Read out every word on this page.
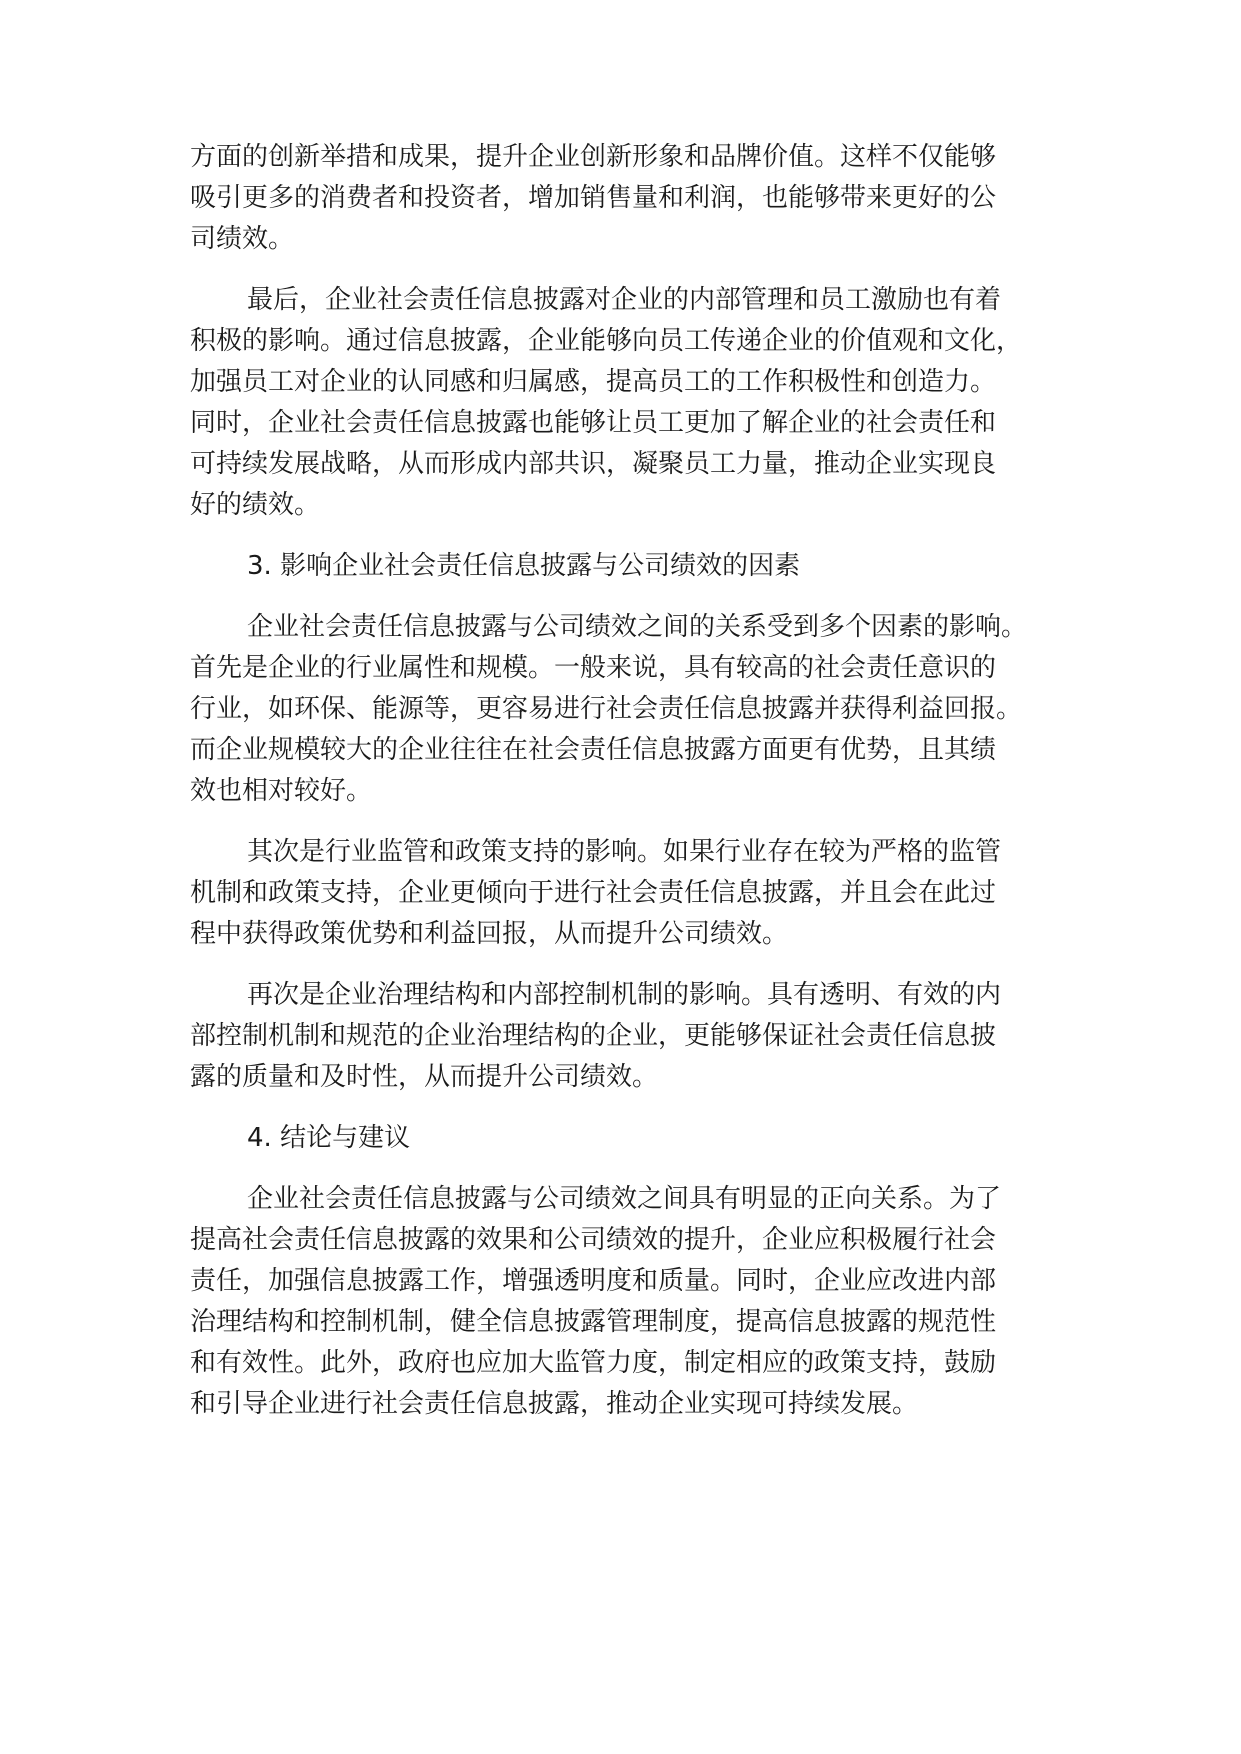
方面的创新举措和成果，提升企业创新形象和品牌价值。这样不仅能够
吸引更多的消费者和投资者，增加销售量和利润，也能够带来更好的公
司绩效。
最后，企业社会责任信息披露对企业的内部管理和员工激励也有着
积极的影响。通过信息披露，企业能够向员工传递企业的价值观和文化，
加强员工对企业的认同感和归属感，提高员工的工作积极性和创造力。
同时，企业社会责任信息披露也能够让员工更加了解企业的社会责任和
可持续发展战略，从而形成内部共识，凝聚员工力量，推动企业实现良
好的绩效。
3. 影响企业社会责任信息披露与公司绩效的因素
企业社会责任信息披露与公司绩效之间的关系受到多个因素的影响。
首先是企业的行业属性和规模。一般来说，具有较高的社会责任意识的
行业，如环保、能源等，更容易进行社会责任信息披露并获得利益回报。
而企业规模较大的企业往往在社会责任信息披露方面更有优势，且其绩
效也相对较好。
其次是行业监管和政策支持的影响。如果行业存在较为严格的监管
机制和政策支持，企业更倾向于进行社会责任信息披露，并且会在此过
程中获得政策优势和利益回报，从而提升公司绩效。
再次是企业治理结构和内部控制机制的影响。具有透明、有效的内
部控制机制和规范的企业治理结构的企业，更能够保证社会责任信息披
露的质量和及时性，从而提升公司绩效。
4. 结论与建议
企业社会责任信息披露与公司绩效之间具有明显的正向关系。为了
提高社会责任信息披露的效果和公司绩效的提升，企业应积极履行社会
责任，加强信息披露工作，增强透明度和质量。同时，企业应改进内部
治理结构和控制机制，健全信息披露管理制度，提高信息披露的规范性
和有效性。此外，政府也应加大监管力度，制定相应的政策支持，鼓励
和引导企业进行社会责任信息披露，推动企业实现可持续发展。
